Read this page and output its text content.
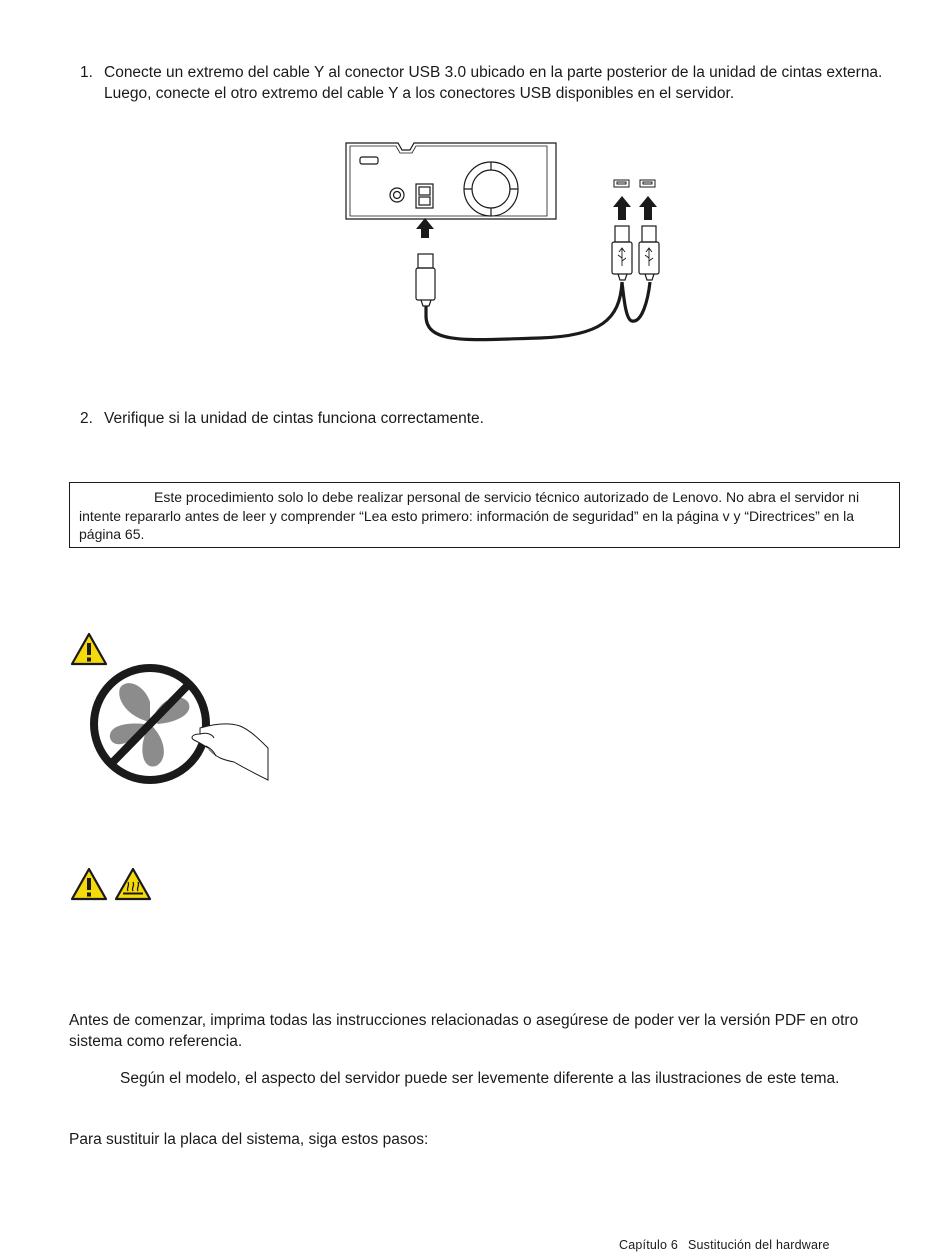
1. Conecte un extremo del cable Y al conector USB 3.0 ubicado en la parte posterior de la unidad de cintas externa. Luego, conecte el otro extremo del cable Y a los conectores USB disponibles en el servidor.
2. Verifique si la unidad de cintas funciona correctamente.
Este procedimiento solo lo debe realizar personal de servicio técnico autorizado de Lenovo. No abra el servidor ni intente repararlo antes de leer y comprender “Lea esto primero: información de seguridad” en la página v y “Directrices” en la página 65.
Antes de comenzar, imprima todas las instrucciones relacionadas o asegúrese de poder ver la versión PDF en otro sistema como referencia.
Según el modelo, el aspecto del servidor puede ser levemente diferente a las ilustraciones de este tema.
Para sustituir la placa del sistema, siga estos pasos:
Capítulo 6 Sustitución del hardware
